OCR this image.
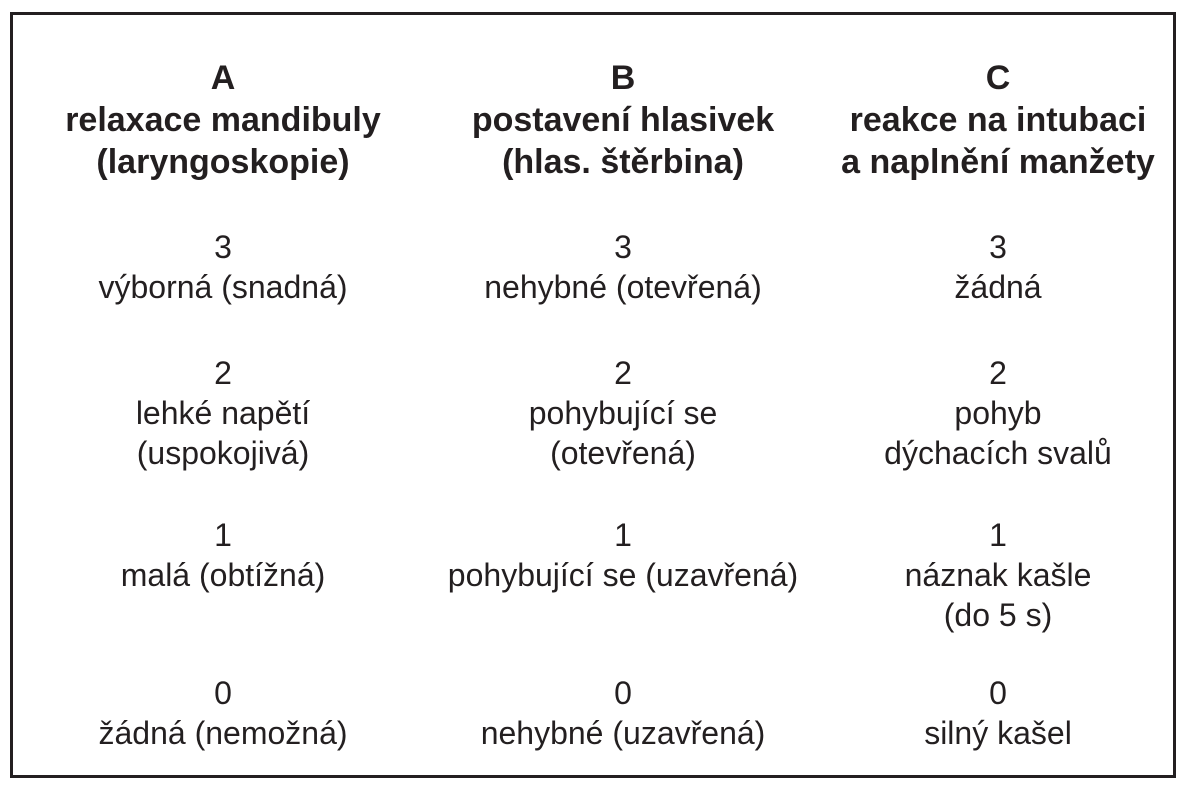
A
relaxace mandibuly
(laryngoskopie)
3
výborná (snadná)
2
lehké napětí
(uspokojivá)
1
malá (obtížná)
0
žádná (nemožná)
B
postavení hlasivek
(hlas. štěrbina)
3
nehybné (otevřená)
2
pohybující se
(otevřená)
1
pohybující se (uzavřená)
0
nehybné (uzavřená)
C
reakce na intubaci
a naplnění manžety
3
žádná
2
pohyb
dýchacích svalů
1
náznak kašle
(do 5 s)
0
silný kašel
